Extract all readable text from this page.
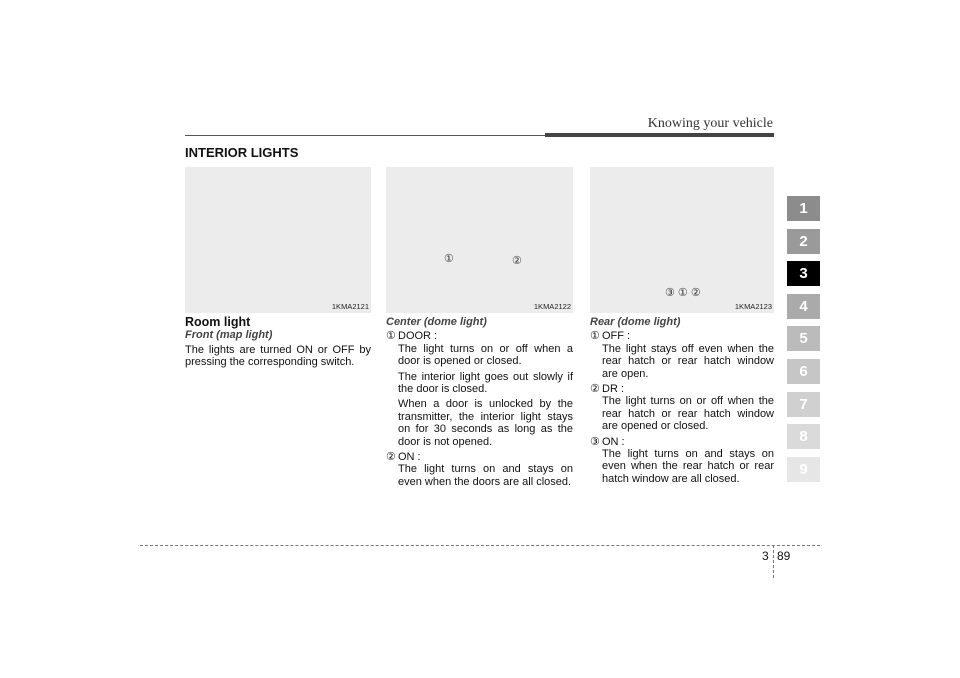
Knowing your vehicle
INTERIOR LIGHTS
1KMA2121
①	②
1KMA2122
③ ① ②
1KMA2123
Room light
Front (map light)
The lights are turned ON or OFF by pressing the corresponding switch.
Center (dome light)
① DOOR :
The light turns on or off when a door is opened or closed.
The interior light goes out slowly if the door is closed.
When a door is unlocked by the transmitter, the interior light stays on for 30 seconds as long as the door is not opened.
② ON :
The light turns on and stays on even when the doors are all closed.
Rear (dome light)
① OFF :
The light stays off even when the rear hatch or rear hatch window are open.
② DR :
The light turns on or off when the rear hatch or rear hatch window are opened or closed.
③ ON :
The light turns on and stays on even when the rear hatch or rear hatch window are all closed.
1
2
3
4
5
6
7
8
9
3 89
